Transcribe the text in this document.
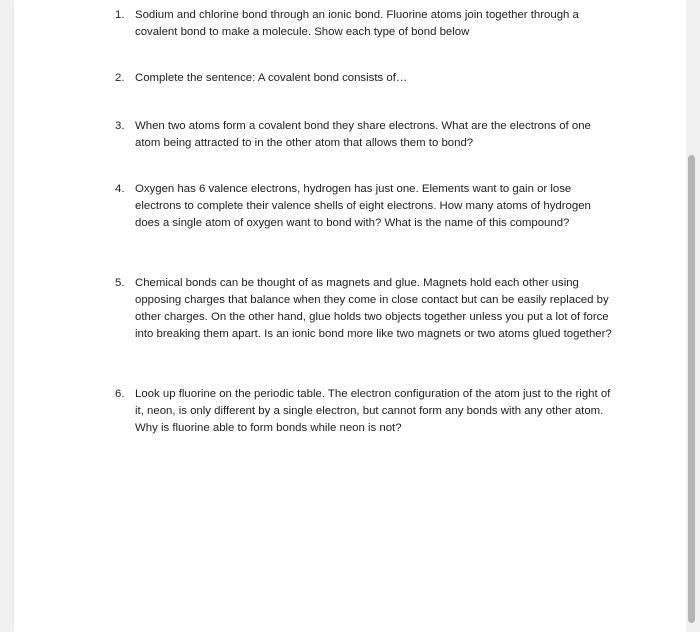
1. Sodium and chlorine bond through an ionic bond. Fluorine atoms join together through a covalent bond to make a molecule. Show each type of bond below
2. Complete the sentence: A covalent bond consists of…
3. When two atoms form a covalent bond they share electrons. What are the electrons of one atom being attracted to in the other atom that allows them to bond?
4. Oxygen has 6 valence electrons, hydrogen has just one. Elements want to gain or lose electrons to complete their valence shells of eight electrons. How many atoms of hydrogen does a single atom of oxygen want to bond with? What is the name of this compound?
5. Chemical bonds can be thought of as magnets and glue. Magnets hold each other using opposing charges that balance when they come in close contact but can be easily replaced by other charges. On the other hand, glue holds two objects together unless you put a lot of force into breaking them apart. Is an ionic bond more like two magnets or two atoms glued together?
6. Look up fluorine on the periodic table. The electron configuration of the atom just to the right of it, neon, is only different by a single electron, but cannot form any bonds with any other atom. Why is fluorine able to form bonds while neon is not?
